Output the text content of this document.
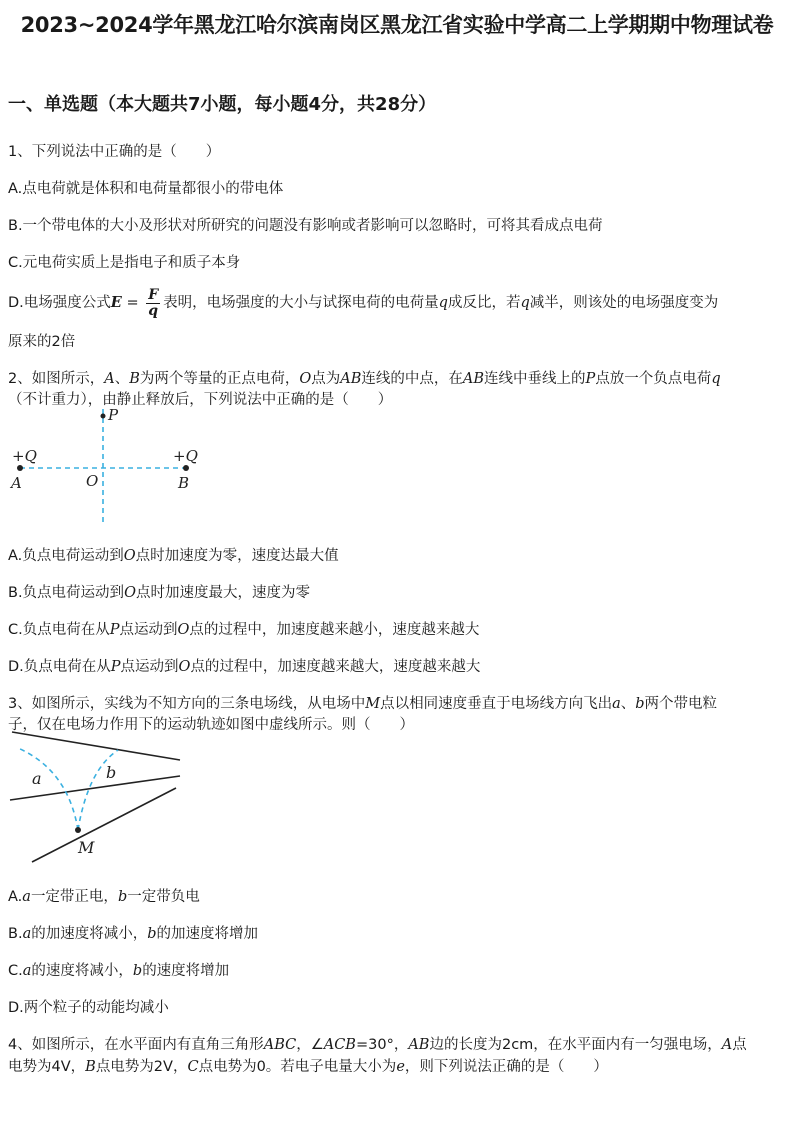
2023~2024学年黑龙江哈尔滨南岗区黑龙江省实验中学高二上学期期中物理试卷
一、单选题（本大题共7小题，每小题4分，共28分）
1、下列说法中正确的是（　　）
A.点电荷就是体积和电荷量都很小的带电体
B.一个带电体的大小及形状对所研究的问题没有影响或者影响可以忽略时，可将其看成点电荷
C.元电荷实质上是指电子和质子本身
D.电场强度公式$E = \frac{F}{q}$ 表明，电场强度的大小与试探电荷的电荷量q成反比，若q减半，则该处的电场强度变为
原来的2倍
2、如图所示，A、B为两个等量的正点电荷，O点为AB连线的中点，在AB连线中垂线上的P点放一个负点电荷q
（不计重力），由静止释放后，下列说法中正确的是（　　）
P
+Q	+Q
A	O	B
A.负点电荷运动到O点时加速度为零，速度达最大值
B.负点电荷运动到O点时加速度最大，速度为零
C.负点电荷在从P点运动到O点的过程中，加速度越来越小，速度越来越大
D.负点电荷在从P点运动到O点的过程中，加速度越来越大，速度越来越大
3、如图所示，实线为不知方向的三条电场线，从电场中M点以相同速度垂直于电场线方向飞出a、b两个带电粒
子，仅在电场力作用下的运动轨迹如图中虚线所示。则（　　）
a	b
M
A.a一定带正电，b一定带负电
B.a的加速度将减小，b的加速度将增加
C.a的速度将减小，b的速度将增加
D.两个粒子的动能均减小
4、如图所示，在水平面内有直角三角形ABC，∠ACB=30°，AB边的长度为2cm，在水平面内有一匀强电场，A点
电势为4V，B点电势为2V，C点电势为0。若电子电量大小为e，则下列说法正确的是（　　）
